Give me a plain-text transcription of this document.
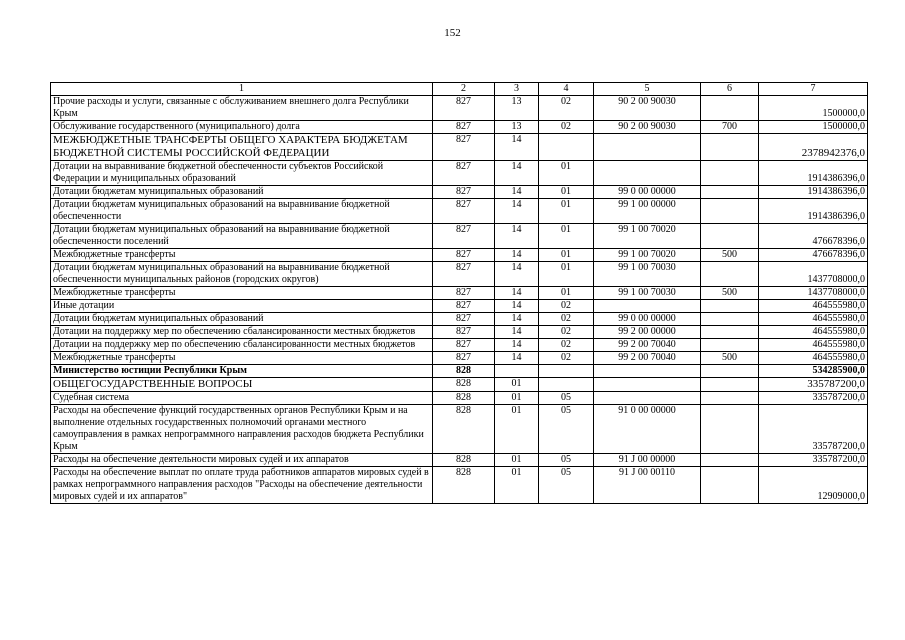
152
1	2	3	4	5	6	7
Прочие расходы и услуги, связанные с обслуживанием внешнего долга Республики Крым	827	13	02	90 2 00 90030		1500000,0
Обслуживание государственного (муниципального) долга	827	13	02	90 2 00 90030	700	1500000,0
МЕЖБЮДЖЕТНЫЕ ТРАНСФЕРТЫ ОБЩЕГО ХАРАКТЕРА БЮДЖЕТАМ БЮДЖЕТНОЙ СИСТЕМЫ РОССИЙСКОЙ ФЕДЕРАЦИИ	827	14				2378942376,0
Дотации на выравнивание бюджетной обеспеченности субъектов Российской Федерации и муниципальных образований	827	14	01			1914386396,0
Дотации бюджетам муниципальных образований	827	14	01	99 0 00 00000		1914386396,0
Дотации бюджетам муниципальных образований на выравнивание бюджетной обеспеченности	827	14	01	99 1 00 00000		1914386396,0
Дотации бюджетам муниципальных образований на выравнивание бюджетной обеспеченности поселений	827	14	01	99 1 00 70020		476678396,0
Межбюджетные трансферты	827	14	01	99 1 00 70020	500	476678396,0
Дотации бюджетам муниципальных образований на выравнивание бюджетной обеспеченности муниципальных районов (городских округов)	827	14	01	99 1 00 70030		1437708000,0
Межбюджетные трансферты	827	14	01	99 1 00 70030	500	1437708000,0
Иные дотации	827	14	02			464555980,0
Дотации бюджетам муниципальных образований	827	14	02	99 0 00 00000		464555980,0
Дотации на поддержку мер по обеспечению сбалансированности местных бюджетов	827	14	02	99 2 00 00000		464555980,0
Дотации на поддержку мер по обеспечению сбалансированности местных бюджетов	827	14	02	99 2 00 70040		464555980,0
Межбюджетные трансферты	827	14	02	99 2 00 70040	500	464555980,0
Министерство юстиции Республики Крым	828					534285900,0
ОБЩЕГОСУДАРСТВЕННЫЕ ВОПРОСЫ	828	01				335787200,0
Судебная система	828	01	05			335787200,0
Расходы на обеспечение функций государственных органов Республики Крым и на выполнение отдельных государственных полномочий органами местного самоуправления в рамках непрограммного направления расходов бюджета Республики Крым	828	01	05	91 0 00 00000		335787200,0
Расходы на обеспечение деятельности мировых судей и их аппаратов	828	01	05	91 J 00 00000		335787200,0
Расходы на обеспечение выплат по оплате труда работников аппаратов мировых судей в рамках непрограммного направления расходов "Расходы на обеспечение деятельности мировых судей и их аппаратов"	828	01	05	91 J 00 00110		12909000,0
